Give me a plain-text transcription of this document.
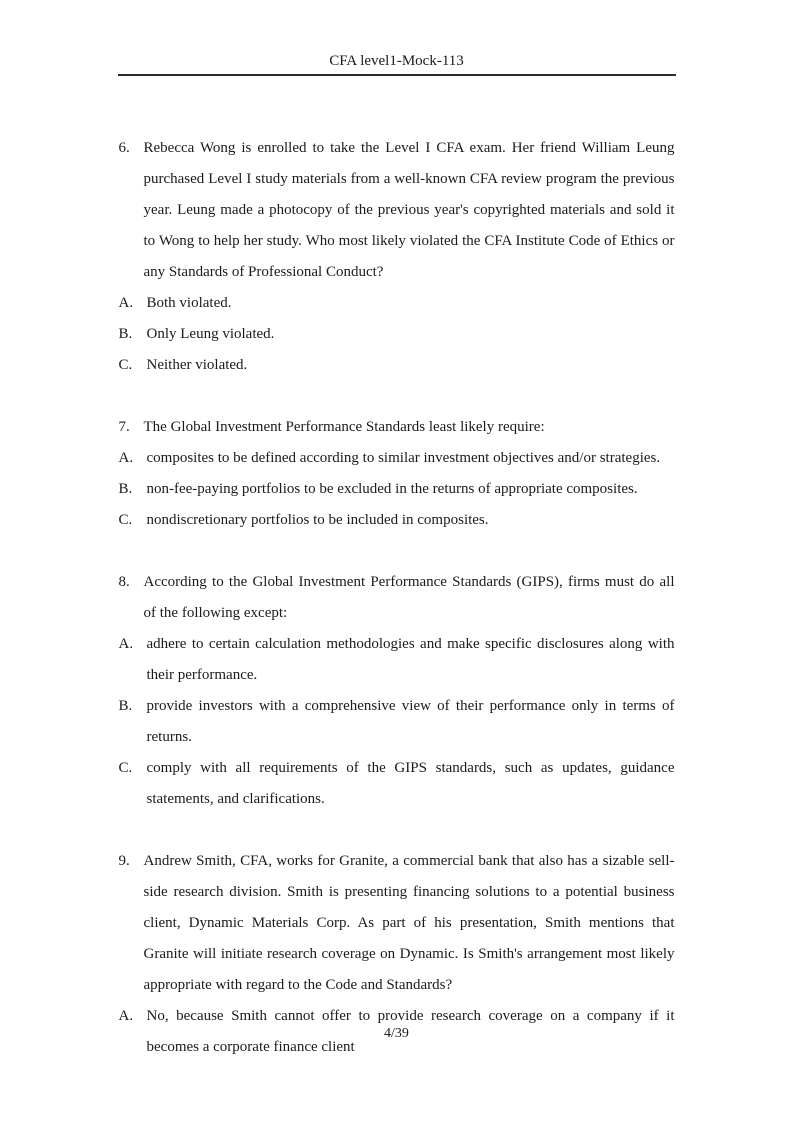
CFA level1-Mock-113

6. Rebecca Wong is enrolled to take the Level I CFA exam. Her friend William Leung purchased Level I study materials from a well-known CFA review program the previous year. Leung made a photocopy of the previous year's copyrighted materials and sold it to Wong to help her study. Who most likely violated the CFA Institute Code of Ethics or any Standards of Professional Conduct?

A. Both violated.

B. Only Leung violated.

C. Neither violated.

7. The Global Investment Performance Standards least likely require:

A. composites to be defined according to similar investment objectives and/or strategies.

B. non-fee-paying portfolios to be excluded in the returns of appropriate composites.

C. nondiscretionary portfolios to be included in composites.

8. According to the Global Investment Performance Standards (GIPS), firms must do all of the following except:

A. adhere to certain calculation methodologies and make specific disclosures along with their performance.

B. provide investors with a comprehensive view of their performance only in terms of returns.

C. comply with all requirements of the GIPS standards, such as updates, guidance statements, and clarifications.

9. Andrew Smith, CFA, works for Granite, a commercial bank that also has a sizable sell-side research division. Smith is presenting financing solutions to a potential business client, Dynamic Materials Corp. As part of his presentation, Smith mentions that Granite will initiate research coverage on Dynamic. Is Smith's arrangement most likely appropriate with regard to the Code and Standards?

A. No, because Smith cannot offer to provide research coverage on a company if it becomes a corporate finance client

4/39
